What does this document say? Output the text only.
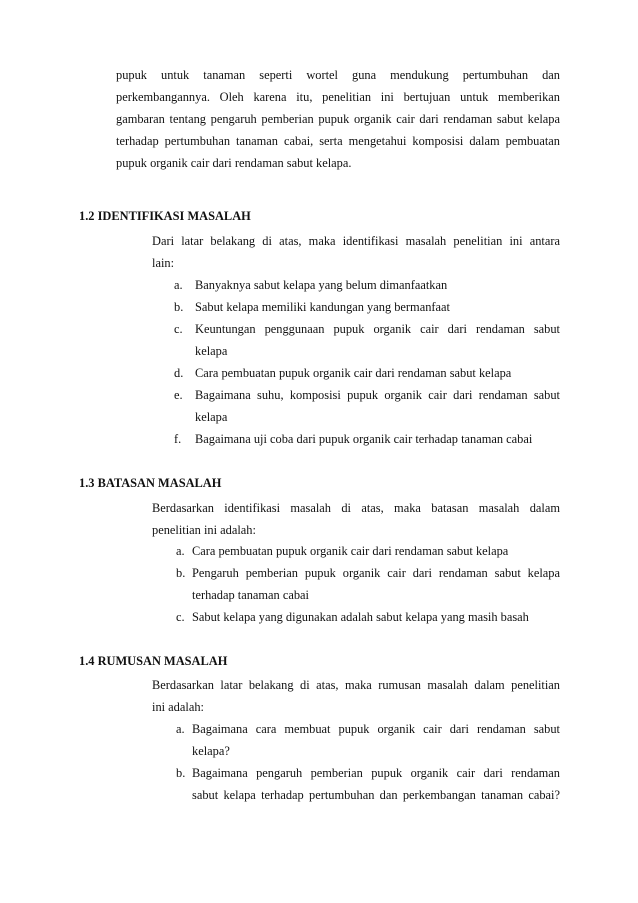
pupuk untuk tanaman seperti wortel guna mendukung pertumbuhan dan
perkembangannya. Oleh karena itu, penelitian ini bertujuan untuk memberikan
gambaran tentang pengaruh pemberian pupuk organik cair dari rendaman sabut kelapa
terhadap pertumbuhan tanaman cabai, serta mengetahui komposisi dalam pembuatan
pupuk organik cair dari rendaman sabut kelapa.
1.2 IDENTIFIKASI MASALAH
Dari latar belakang di atas, maka identifikasi masalah penelitian ini antara
lain:
a. Banyaknya sabut kelapa yang belum dimanfaatkan
b. Sabut kelapa memiliki kandungan yang bermanfaat
c. Keuntungan penggunaan pupuk organik cair dari rendaman sabut
kelapa
d. Cara pembuatan pupuk organik cair dari rendaman sabut kelapa
e. Bagaimana suhu, komposisi pupuk organik cair dari rendaman sabut
kelapa
f. Bagaimana uji coba dari pupuk organik cair terhadap tanaman cabai
1.3 BATASAN MASALAH
Berdasarkan identifikasi masalah di atas, maka batasan masalah dalam
penelitian ini adalah:
a. Cara pembuatan pupuk organik cair dari rendaman sabut kelapa
b. Pengaruh pemberian pupuk organik cair dari rendaman sabut kelapa
terhadap tanaman cabai
c. Sabut kelapa yang digunakan adalah sabut kelapa yang masih basah
1.4 RUMUSAN MASALAH
Berdasarkan latar belakang di atas, maka rumusan masalah dalam penelitian
ini adalah:
a. Bagaimana cara membuat pupuk organik cair dari rendaman sabut
kelapa?
b. Bagaimana pengaruh pemberian pupuk organik cair dari rendaman
sabut kelapa terhadap pertumbuhan dan perkembangan tanaman cabai?
